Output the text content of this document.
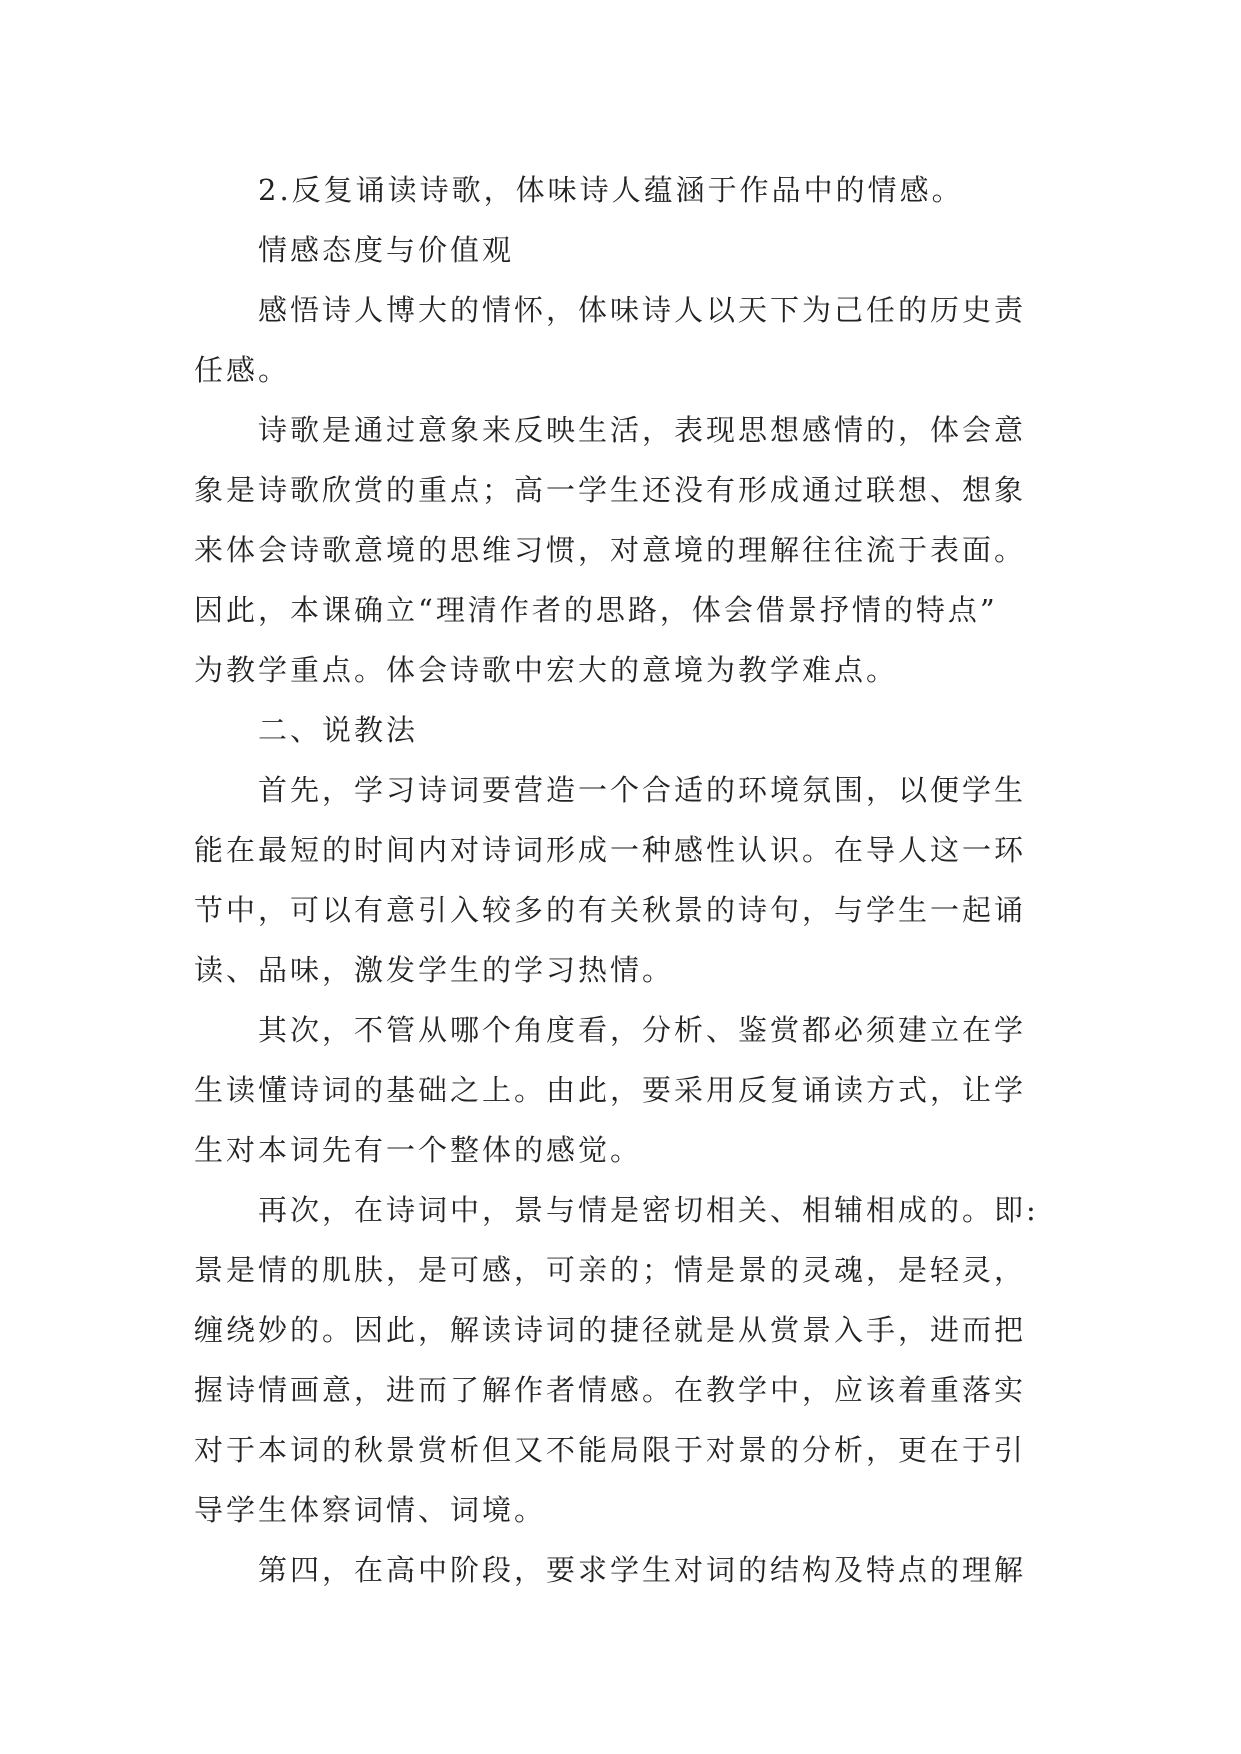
2.反复诵读诗歌，体味诗人蕴涵于作品中的情感。
情感态度与价值观
感悟诗人博大的情怀，体味诗人以天下为己任的历史责
任感。
诗歌是通过意象来反映生活，表现思想感情的，体会意
象是诗歌欣赏的重点；高一学生还没有形成通过联想、想象
来体会诗歌意境的思维习惯，对意境的理解往往流于表面。
因此，本课确立“理清作者的思路，体会借景抒情的特点”
为教学重点。体会诗歌中宏大的意境为教学难点。
二、说教法
首先，学习诗词要营造一个合适的环境氛围，以便学生
能在最短的时间内对诗词形成一种感性认识。在导人这一环
节中，可以有意引入较多的有关秋景的诗句，与学生一起诵
读、品味，激发学生的学习热情。
其次，不管从哪个角度看，分析、鉴赏都必须建立在学
生读懂诗词的基础之上。由此，要采用反复诵读方式，让学
生对本词先有一个整体的感觉。
再次，在诗词中，景与情是密切相关、相辅相成的。即:
景是情的肌肤，是可感，可亲的；情是景的灵魂，是轻灵，
缠绕妙的。因此，解读诗词的捷径就是从赏景入手，进而把
握诗情画意，进而了解作者情感。在教学中，应该着重落实
对于本词的秋景赏析但又不能局限于对景的分析，更在于引
导学生体察词情、词境。
第四，在高中阶段，要求学生对词的结构及特点的理解
